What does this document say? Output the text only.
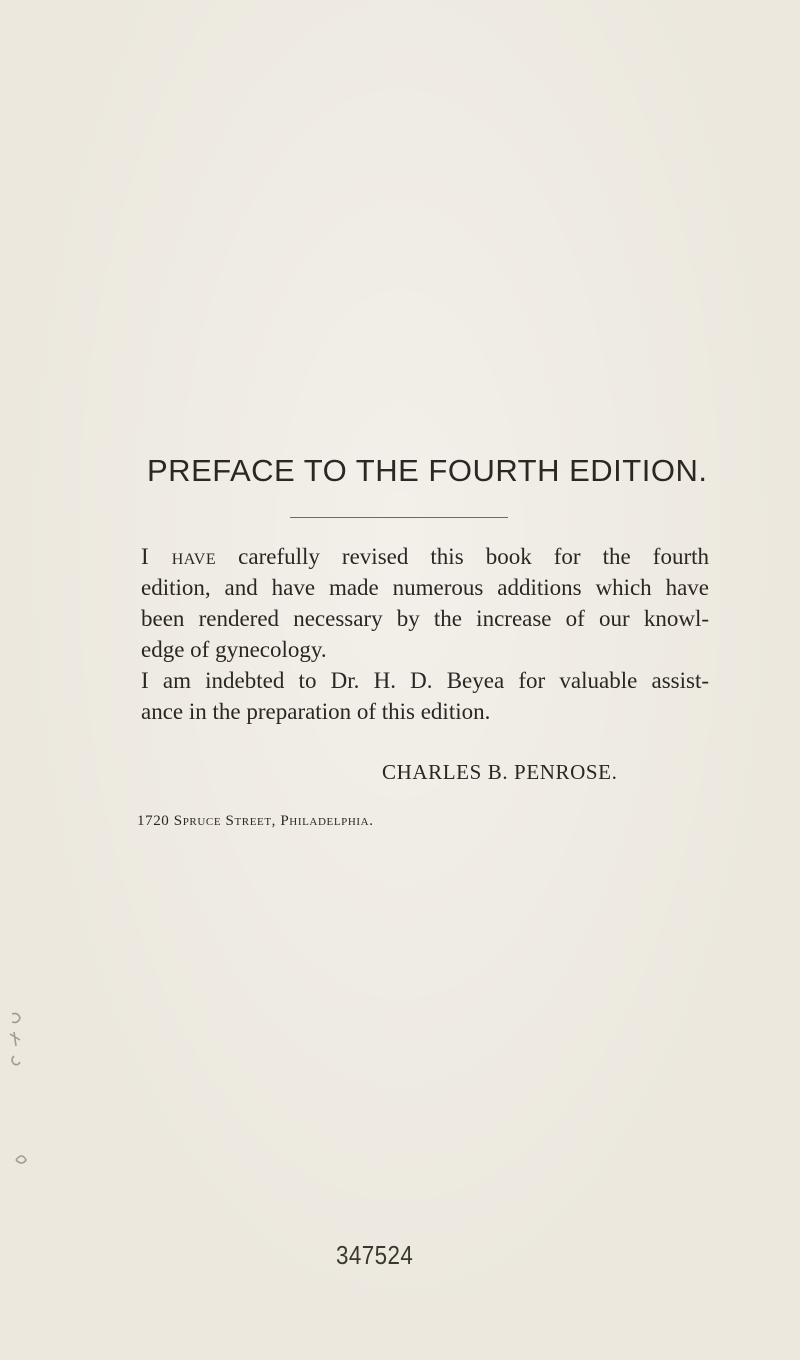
PREFACE TO THE FOURTH EDITION.

I have carefully revised this book for the fourth
edition, and have made numerous additions which have
been rendered necessary by the increase of our knowl-
edge of gynecology.

I am indebted to Dr. H. D. Beyea for valuable assist-
ance in the preparation of this edition.

CHARLES B. PENROSE.
1720 Spruce Street, Philadelphia.
347524
